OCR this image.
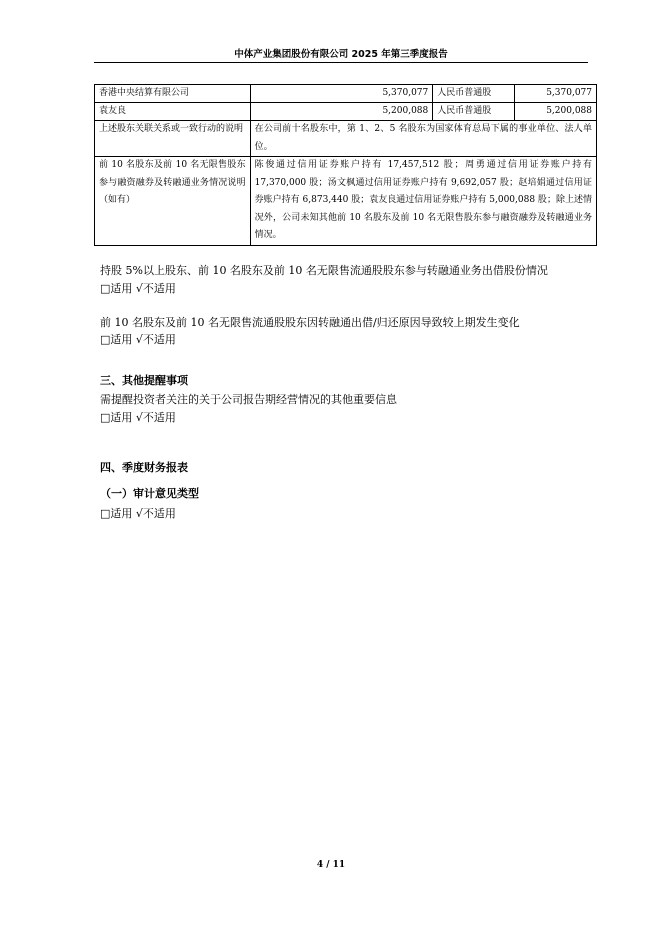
中体产业集团股份有限公司 2025 年第三季度报告
香港中央结算有限公司	5,370,077	人民币普通股	5,370,077
袁友良	5,200,088	人民币普通股	5,200,088
上述股东关联关系或一致行动的说明	在公司前十名股东中，第 1、2、5 名股东为国家体育总局下属的事业单位、法人单位。		
前 10 名股东及前 10 名无限售股东参与融资融券及转融通业务情况说明（如有）	陈俊通过信用证券账户持有 17,457,512 股；周勇通过信用证券账户持有 17,370,000 股；汤文枫通过信用证券账户持有 9,692,057 股；赵培娟通过信用证券账户持有 6,873,440 股；袁友良通过信用证券账户持有 5,000,088 股；除上述情况外，公司未知其他前 10 名股东及前 10 名无限售股东参与融资融券及转融通业务情况。		
持股 5%以上股东、前 10 名股东及前 10 名无限售流通股股东参与转融通业务出借股份情况
□适用 √不适用
前 10 名股东及前 10 名无限售流通股股东因转融通出借/归还原因导致较上期发生变化
□适用 √不适用
三、其他提醒事项
需提醒投资者关注的关于公司报告期经营情况的其他重要信息
□适用 √不适用
四、季度财务报表
（一）审计意见类型
□适用 √不适用
4 / 11
